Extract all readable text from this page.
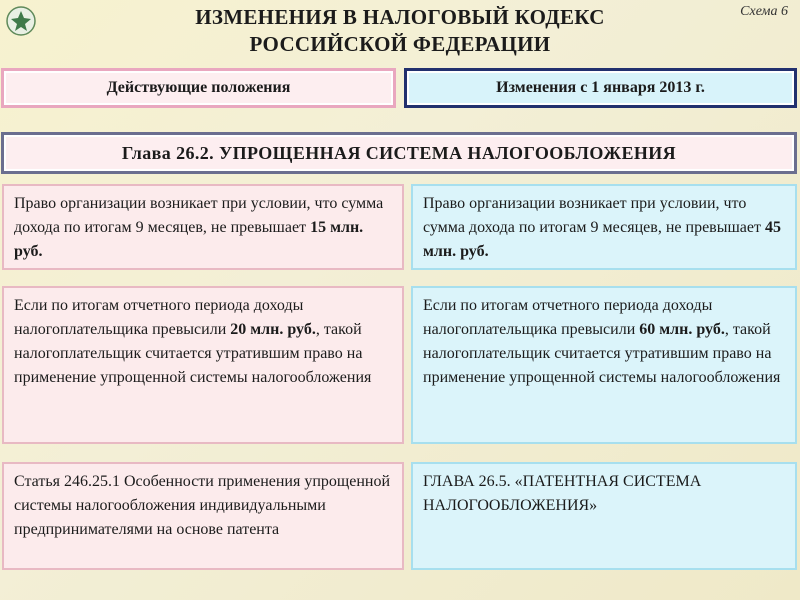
ИЗМЕНЕНИЯ В НАЛОГОВЫЙ КОДЕКС
РОССИЙСКОЙ ФЕДЕРАЦИИ
Схема 6
Действующие положения	Изменения с 1 января 2013 г.
Глава 26.2. УПРОЩЕННАЯ СИСТЕМА НАЛОГООБЛОЖЕНИЯ
Право организации возникает при условии, что сумма дохода по итогам 9 месяцев, не превышает 15 млн. руб.
Право организации возникает при условии, что сумма дохода по итогам 9 месяцев, не превышает 45 млн. руб.
Если по итогам отчетного периода доходы налогоплательщика превысили 20 млн. руб., такой налогоплательщик считается утратившим право на применение упрощенной системы налогообложения
Если по итогам отчетного периода доходы налогоплательщика превысили 60 млн. руб., такой налогоплательщик считается утратившим право на применение упрощенной системы налогообложения
Статья 246.25.1 Особенности применения упрощенной системы налогообложения индивидуальными предпринимателями на основе патента
ГЛАВА 26.5. «ПАТЕНТНАЯ СИСТЕМА НАЛОГООБЛОЖЕНИЯ»
